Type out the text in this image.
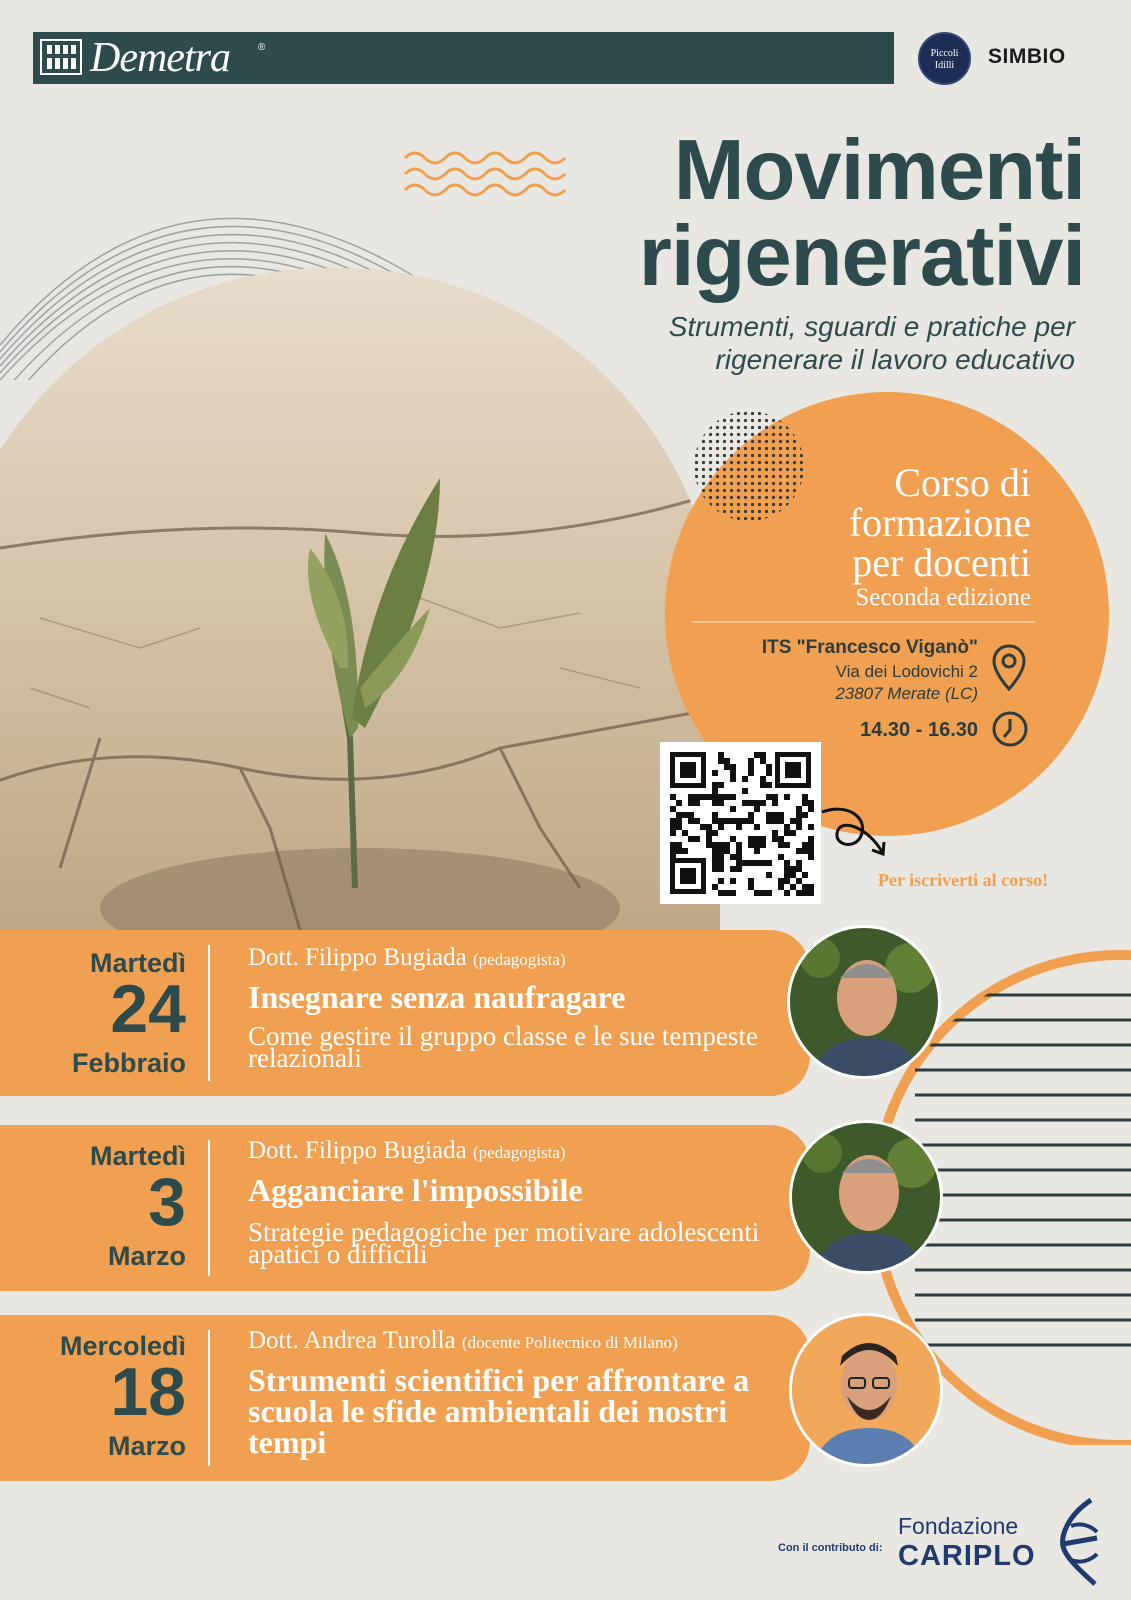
Demetra	®
Piccoli
Idilli	SIMBIO
Movimenti
rigenerativi
Strumenti, sguardi e pratiche per
rigenerare il lavoro educativo
Corso di
formazione
per docenti
Seconda edizione
ITS "Francesco Viganò"
Via dei Lodovichi 2
23807 Merate (LC)
14.30 - 16.30
Per iscriverti al corso!
Martedì
24
Febbraio
Dott. Filippo Bugiada (pedagogista)
Insegnare senza naufragare
Come gestire il gruppo classe e le sue tempeste relazionali
Martedì
3
Marzo
Dott. Filippo Bugiada (pedagogista)
Agganciare l'impossibile
Strategie pedagogiche per motivare adolescenti apatici o difficili
Mercoledì
18
Marzo
Dott. Andrea Turolla (docente Politecnico di Milano)
Strumenti scientifici per affrontare a scuola le sfide ambientali dei nostri tempi
Con il contributo di:
Fondazione
CARIPLO
